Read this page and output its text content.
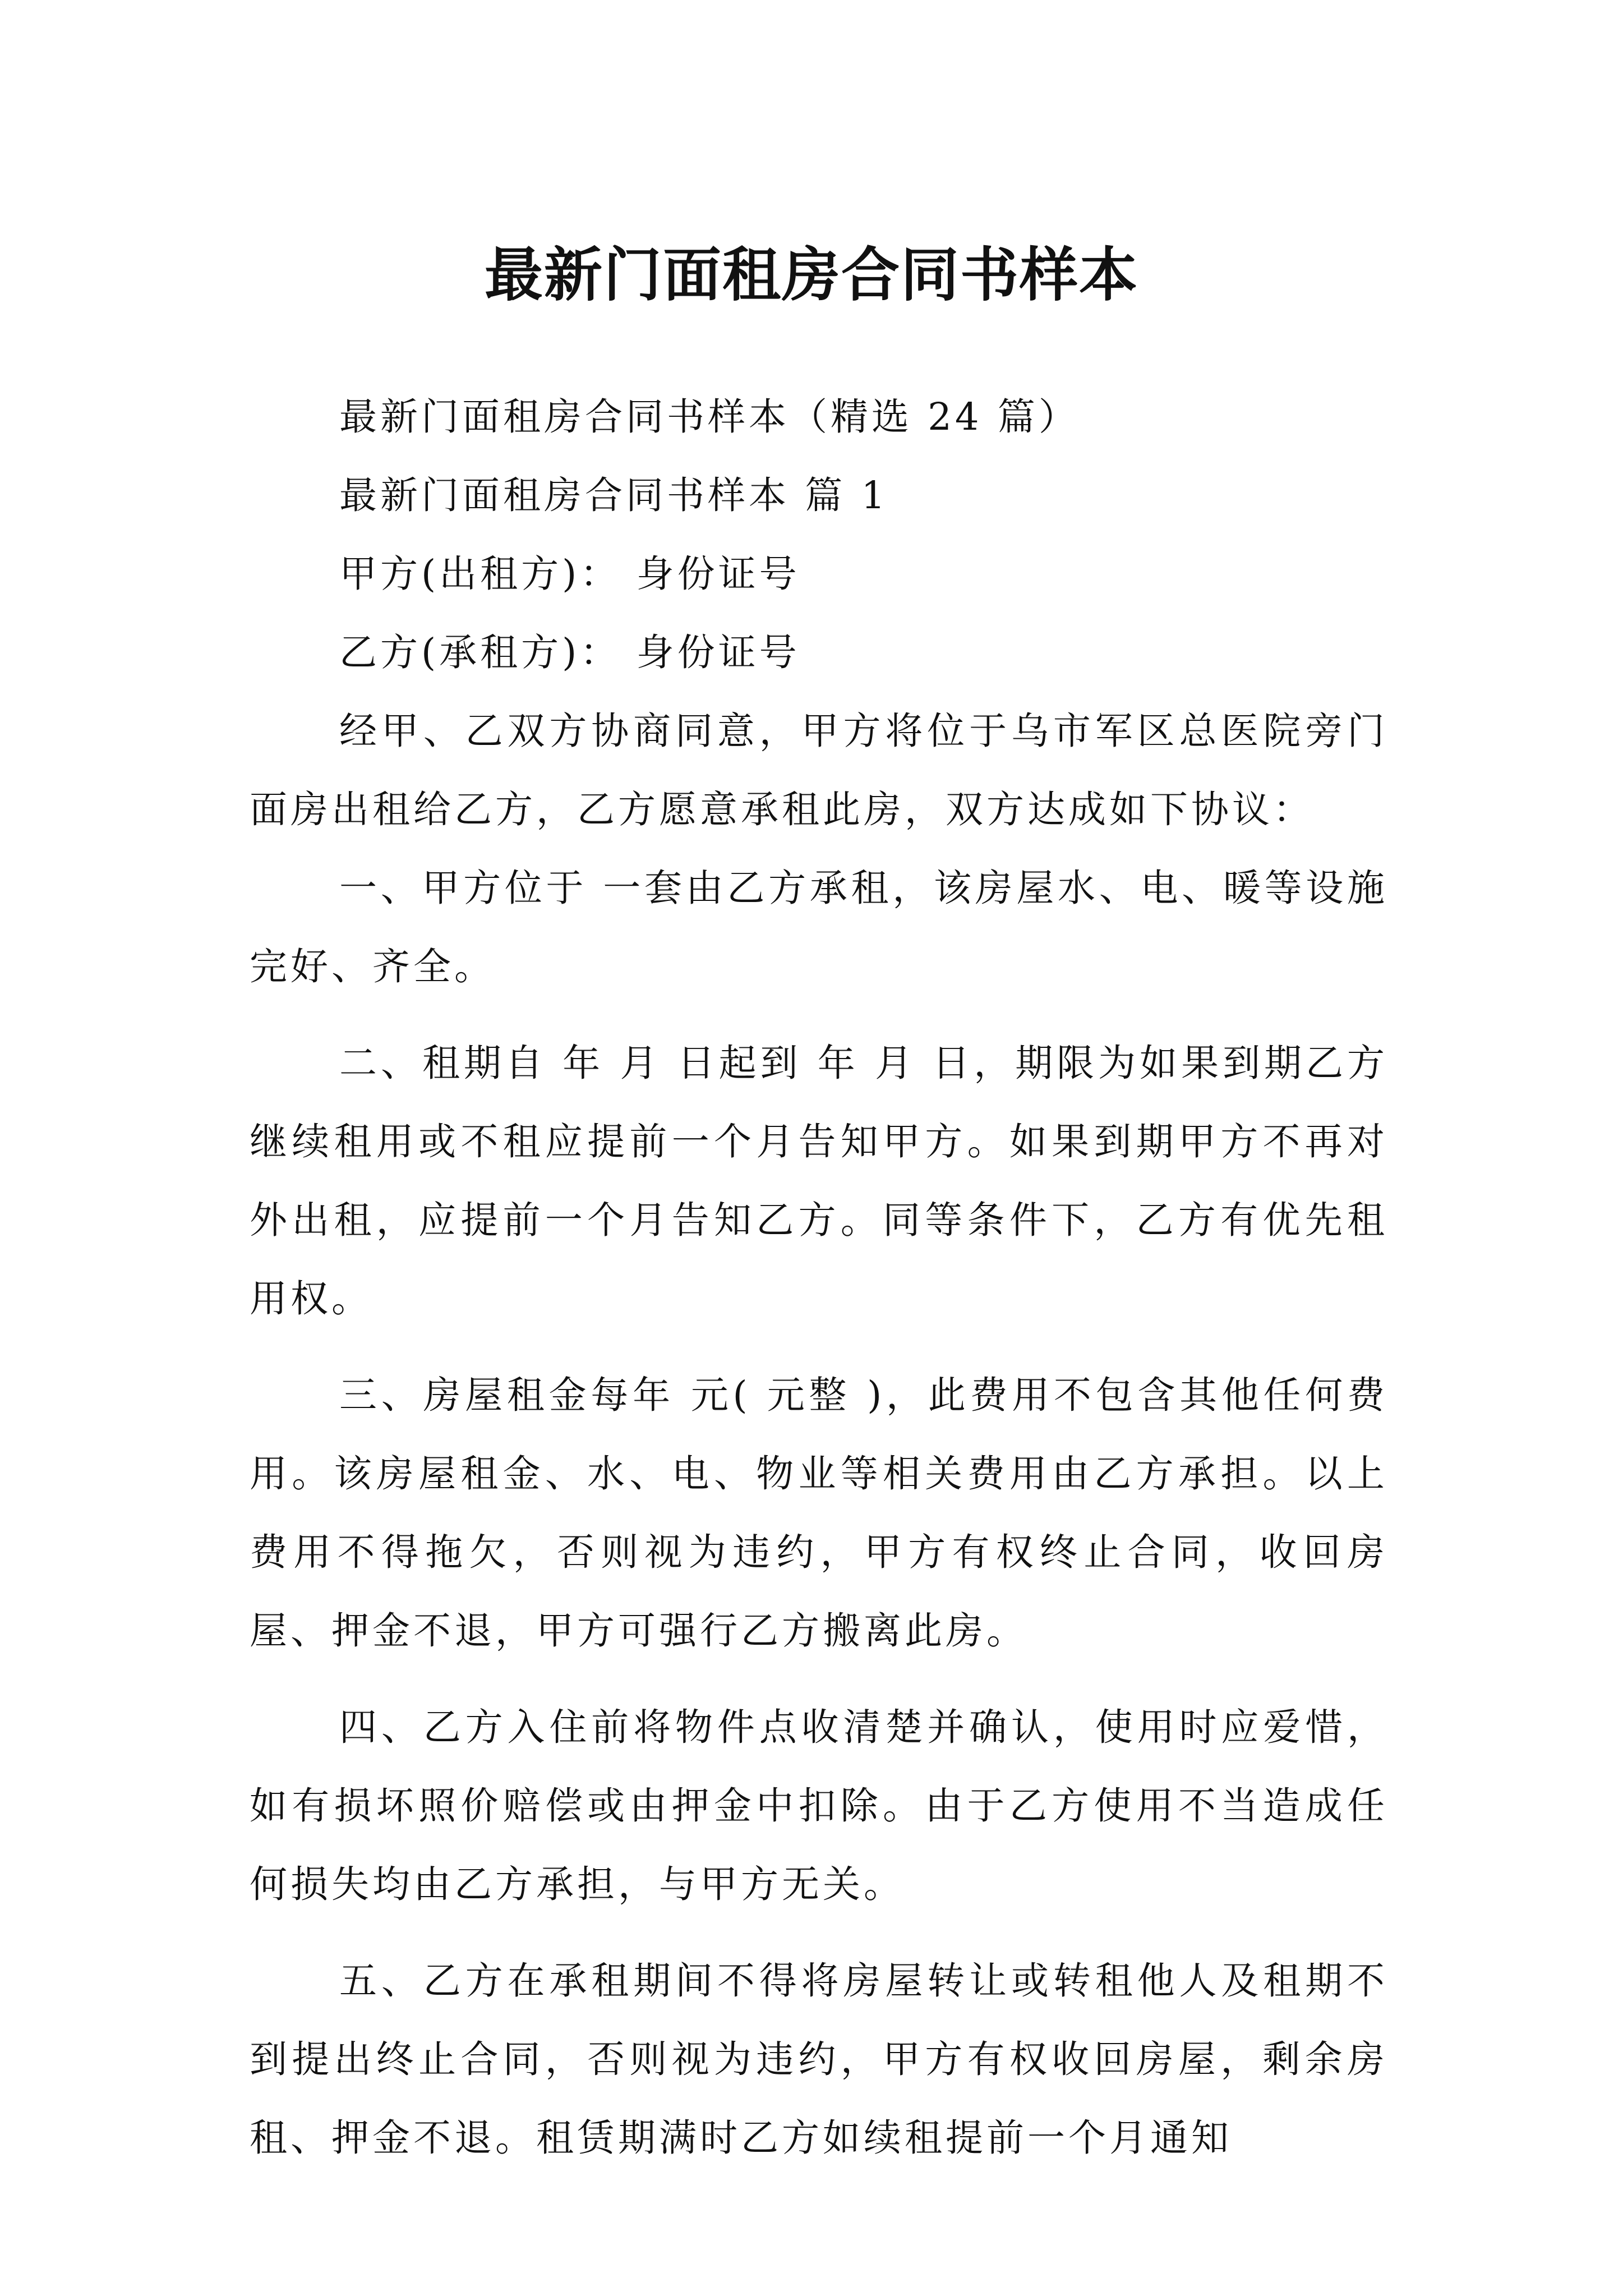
最新门面租房合同书样本

最新门面租房合同书样本（精选 24 篇）

最新门面租房合同书样本 篇 1

甲方(出租方)： 身份证号

乙方(承租方)： 身份证号

经甲、乙双方协商同意，甲方将位于乌市军区总医院旁门面房出租给乙方，乙方愿意承租此房，双方达成如下协议：

一、甲方位于 一套由乙方承租，该房屋水、电、暖等设施完好、齐全。

二、租期自 年 月 日起到 年 月 日，期限为如果到期乙方继续租用或不租应提前一个月告知甲方。如果到期甲方不再对外出租，应提前一个月告知乙方。同等条件下，乙方有优先租用权。

三、房屋租金每年 元( 元整 )，此费用不包含其他任何费用。该房屋租金、水、电、物业等相关费用由乙方承担。以上费用不得拖欠，否则视为违约，甲方有权终止合同，收回房屋、押金不退，甲方可强行乙方搬离此房。

四、乙方入住前将物件点收清楚并确认，使用时应爱惜，如有损坏照价赔偿或由押金中扣除。由于乙方使用不当造成任何损失均由乙方承担，与甲方无关。

五、乙方在承租期间不得将房屋转让或转租他人及租期不到提出终止合同，否则视为违约，甲方有权收回房屋，剩余房租、押金不退。租赁期满时乙方如续租提前一个月通知
